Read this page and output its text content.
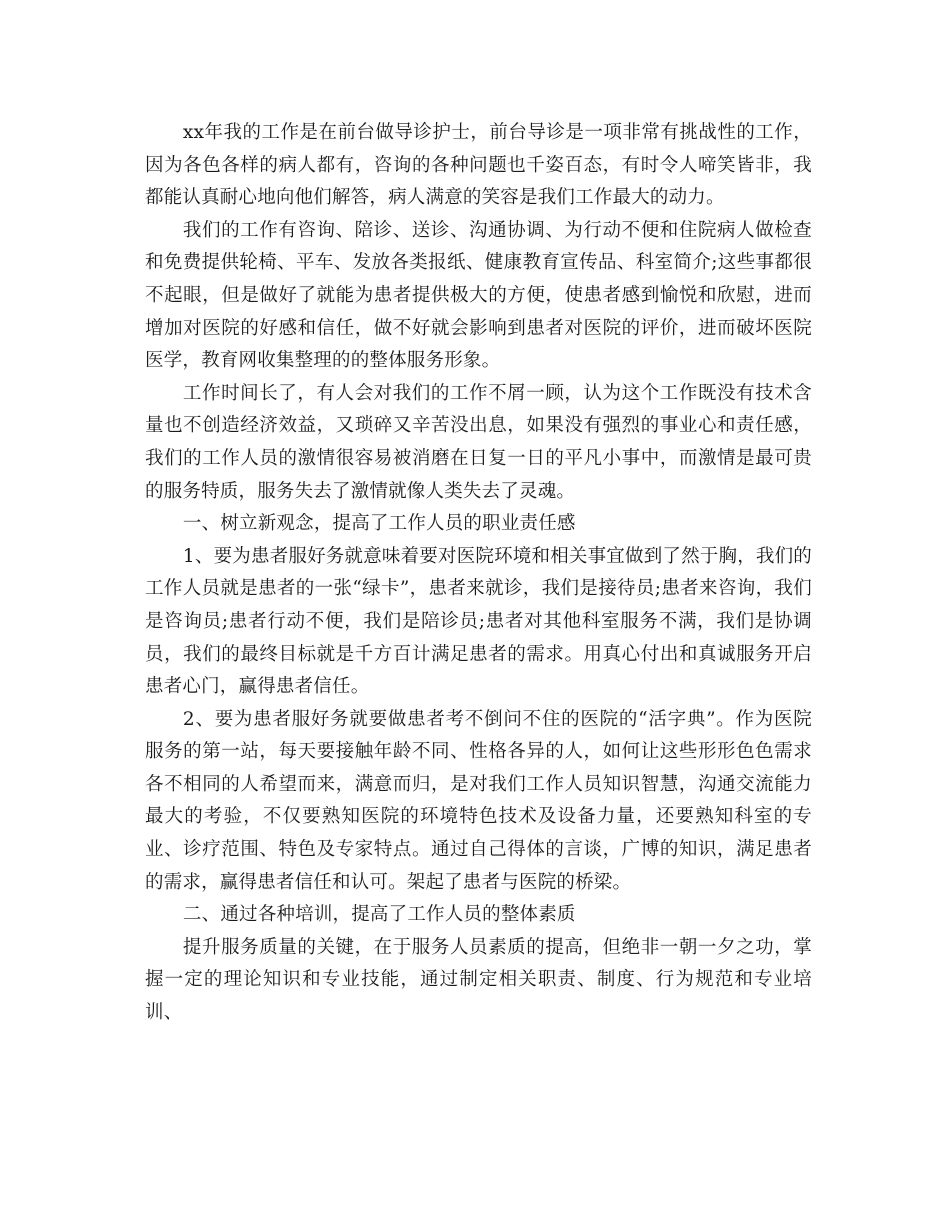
xx年我的工作是在前台做导诊护士，前台导诊是一项非常有挑战性的工作，因为各色各样的病人都有，咨询的各种问题也千姿百态，有时令人啼笑皆非，我都能认真耐心地向他们解答，病人满意的笑容是我们工作最大的动力。

我们的工作有咨询、陪诊、送诊、沟通协调、为行动不便和住院病人做检查和免费提供轮椅、平车、发放各类报纸、健康教育宣传品、科室简介;这些事都很不起眼，但是做好了就能为患者提供极大的方便，使患者感到愉悦和欣慰，进而增加对医院的好感和信任，做不好就会影响到患者对医院的评价，进而破坏医院医学，教育网收集整理的的整体服务形象。

工作时间长了，有人会对我们的工作不屑一顾，认为这个工作既没有技术含量也不创造经济效益，又琐碎又辛苦没出息，如果没有强烈的事业心和责任感，我们的工作人员的激情很容易被消磨在日复一日的平凡小事中，而激情是最可贵的服务特质，服务失去了激情就像人类失去了灵魂。

一、树立新观念，提高了工作人员的职业责任感

1、要为患者服好务就意味着要对医院环境和相关事宜做到了然于胸，我们的工作人员就是患者的一张“绿卡”，患者来就诊，我们是接待员;患者来咨询，我们是咨询员;患者行动不便，我们是陪诊员;患者对其他科室服务不满，我们是协调员，我们的最终目标就是千方百计满足患者的需求。用真心付出和真诚服务开启患者心门，赢得患者信任。

2、要为患者服好务就要做患者考不倒问不住的医院的“活字典”。作为医院服务的第一站，每天要接触年龄不同、性格各异的人，如何让这些形形色色需求各不相同的人希望而来，满意而归，是对我们工作人员知识智慧，沟通交流能力最大的考验，不仅要熟知医院的环境特色技术及设备力量，还要熟知科室的专业、诊疗范围、特色及专家特点。通过自己得体的言谈，广博的知识，满足患者的需求，赢得患者信任和认可。架起了患者与医院的桥梁。

二、通过各种培训，提高了工作人员的整体素质

提升服务质量的关键，在于服务人员素质的提高，但绝非一朝一夕之功，掌握一定的理论知识和专业技能，通过制定相关职责、制度、行为规范和专业培训、
